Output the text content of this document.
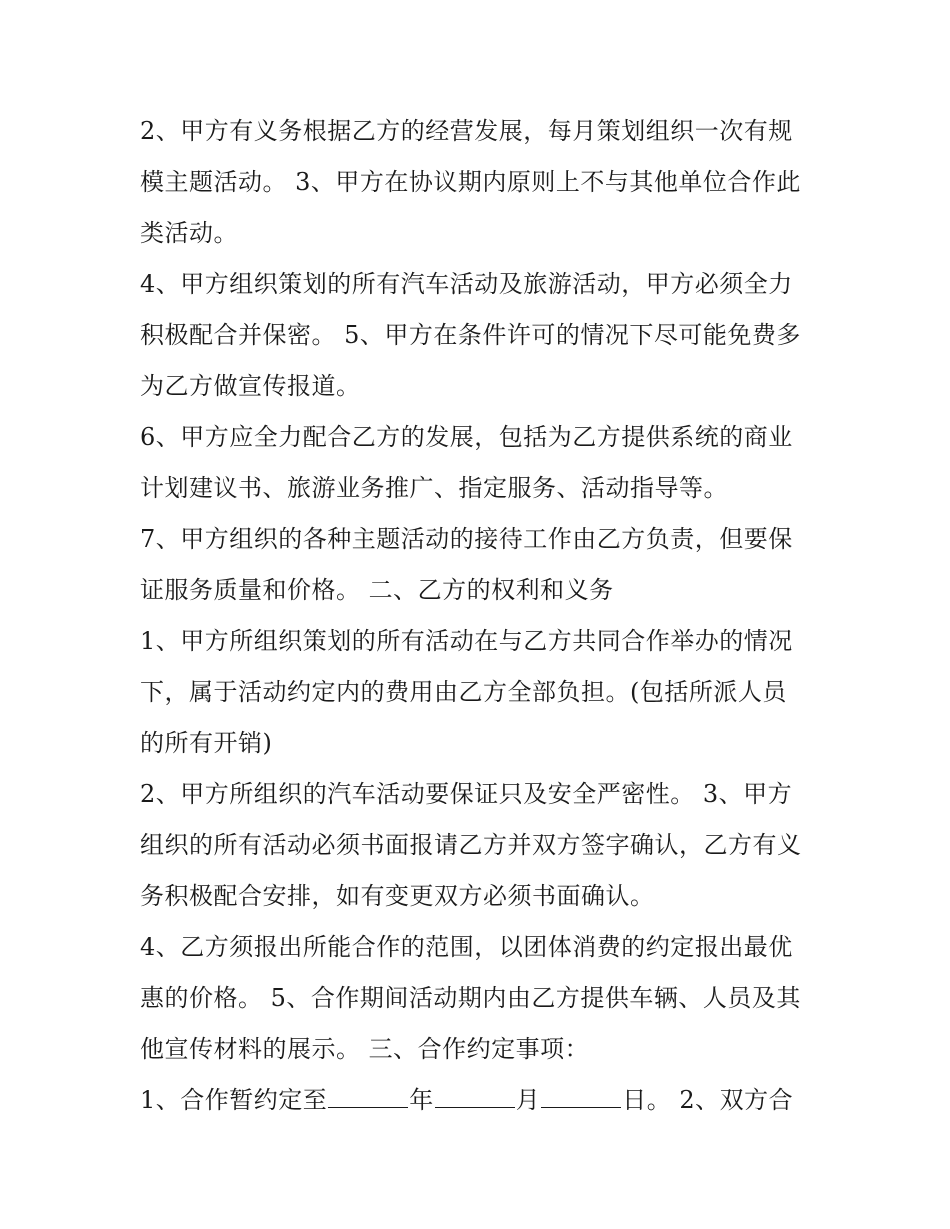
2、甲方有义务根据乙方的经营发展，每月策划组织一次有规
模主题活动。 3、甲方在协议期内原则上不与其他单位合作此
类活动。
4、甲方组织策划的所有汽车活动及旅游活动，甲方必须全力
积极配合并保密。 5、甲方在条件许可的情况下尽可能免费多
为乙方做宣传报道。
6、甲方应全力配合乙方的发展，包括为乙方提供系统的商业
计划建议书、旅游业务推广、指定服务、活动指导等。
7、甲方组织的各种主题活动的接待工作由乙方负责，但要保
证服务质量和价格。 二、乙方的权利和义务
1、甲方所组织策划的所有活动在与乙方共同合作举办的情况
下，属于活动约定内的费用由乙方全部负担。(包括所派人员
的所有开销)
2、甲方所组织的汽车活动要保证只及安全严密性。 3、甲方
组织的所有活动必须书面报请乙方并双方签字确认，乙方有义
务积极配合安排，如有变更双方必须书面确认。
4、乙方须报出所能合作的范围，以团体消费的约定报出最优
惠的价格。 5、合作期间活动期内由乙方提供车辆、人员及其
他宣传材料的展示。 三、合作约定事项：
1、合作暂约定至	年	月	日。 2、双方合
